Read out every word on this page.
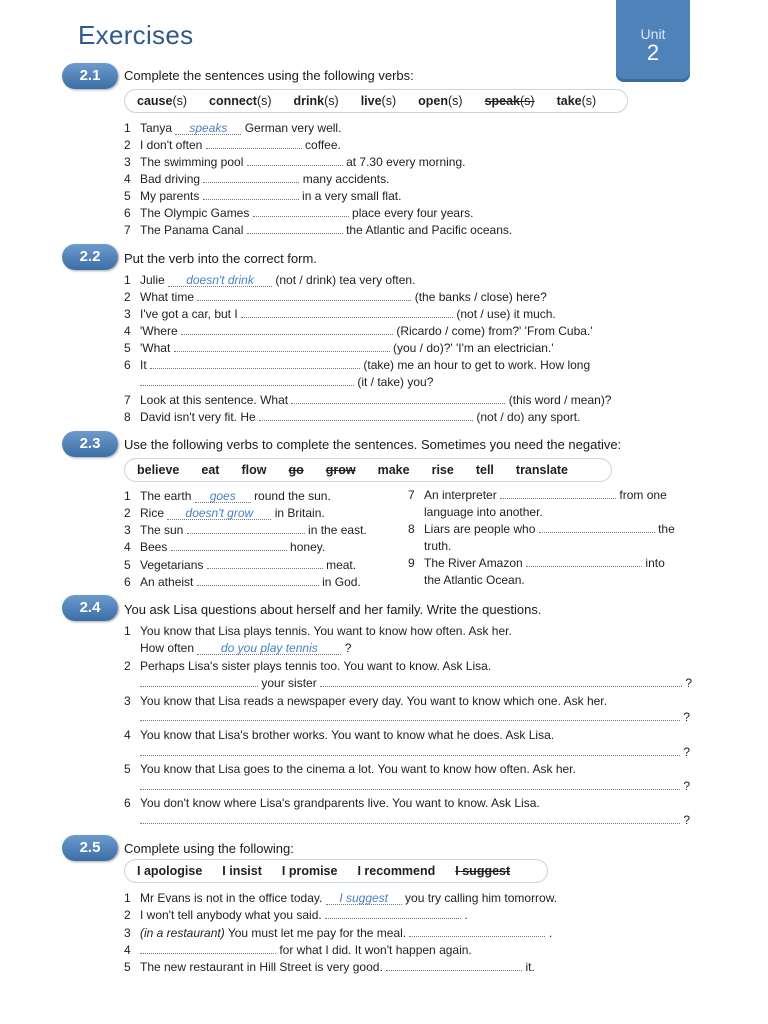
Exercises	Unit
2
2.1	Complete the sentences using the following verbs:
cause(s) connect(s) drink(s) live(s) open(s) speak(s) take(s)
1 Tanya speaks German very well.
2 I don't often	coffee.
3 The swimming pool	at 7.30 every morning.
4 Bad driving	many accidents.
5 My parents	in a very small flat.
6 The Olympic Games	place every four years.
7 The Panama Canal	the Atlantic and Pacific oceans.
2.2	Put the verb into the correct form.
1 Julie doesn't drink (not / drink) tea very often.
2 What time	(the banks / close) here?
3 I've got a car, but I	(not / use) it much.
4 'Where	(Ricardo / come) from?' 'From Cuba.'
5 'What	(you / do)?' 'I'm an electrician.'
6 It	(take) me an hour to get to work. How long
(it / take) you?
7 Look at this sentence. What	(this word / mean)?
8 David isn't very fit. He	(not / do) any sport.
2.3	Use the following verbs to complete the sentences. Sometimes you need the negative:
believe eat flow go grow make rise tell translate
1 The earth goes round the sun.
2 Rice doesn't grow in Britain.
3 The sun	in the east.
4 Bees	honey.
5 Vegetarians	meat.
6 An atheist	in God.
7 An interpreter	from one
language into another.
8 Liars are people who	the
truth.
9 The River Amazon	into
the Atlantic Ocean.
2.4	You ask Lisa questions about herself and her family. Write the questions.
1 You know that Lisa plays tennis. You want to know how often. Ask her.
How often do you play tennis ?
2 Perhaps Lisa's sister plays tennis too. You want to know. Ask Lisa.
your sister	?
3 You know that Lisa reads a newspaper every day. You want to know which one. Ask her.
?
4 You know that Lisa's brother works. You want to know what he does. Ask Lisa.
?
5 You know that Lisa goes to the cinema a lot. You want to know how often. Ask her.
?
6 You don't know where Lisa's grandparents live. You want to know. Ask Lisa.
?
2.5	Complete using the following:
I apologise I insist I promise I recommend I suggest
1 Mr Evans is not in the office today. I suggest you try calling him tomorrow.
2 I won't tell anybody what you said.	.
3 (in a restaurant) You must let me pay for the meal.	.
4	for what I did. It won't happen again.
5 The new restaurant in Hill Street is very good.	it.
